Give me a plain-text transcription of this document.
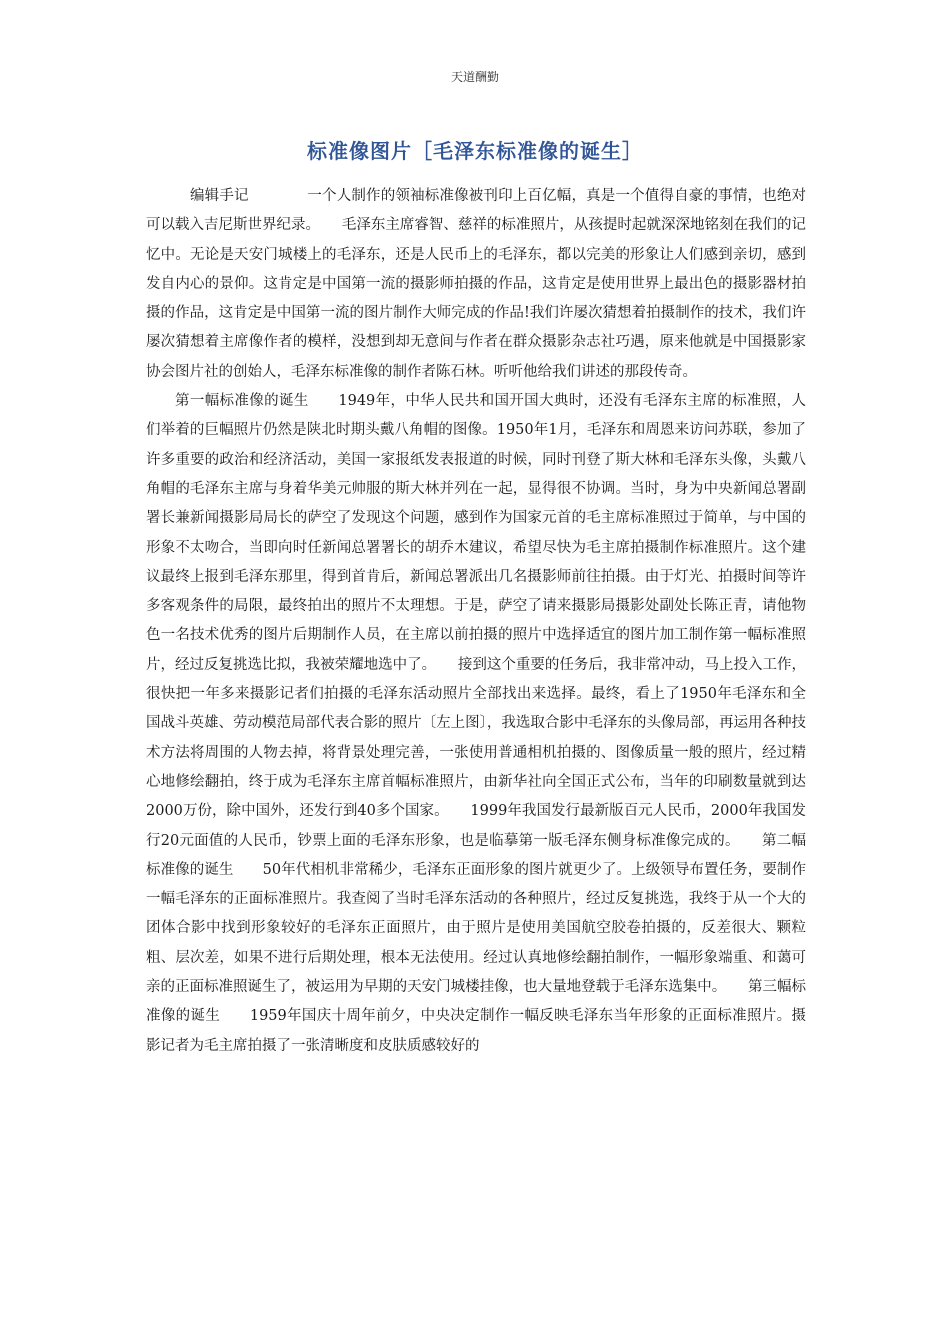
天道酬勤
标准像图片［毛泽东标准像的诞生］

　　　编辑手记　　　　一个人制作的领袖标准像被刊印上百亿幅，真是一个值得自豪的事情，也绝对可以载入吉尼斯世界纪录。　　毛泽东主席睿智、慈祥的标准照片，从孩提时起就深深地铭刻在我们的记忆中。无论是天安门城楼上的毛泽东，还是人民币上的毛泽东，都以完美的形象让人们感到亲切，感到发自内心的景仰。这肯定是中国第一流的摄影师拍摄的作品，这肯定是使用世界上最出色的摄影器材拍摄的作品，这肯定是中国第一流的图片制作大师完成的作品!我们许屡次猜想着拍摄制作的技术，我们许屡次猜想着主席像作者的模样，没想到却无意间与作者在群众摄影杂志社巧遇，原来他就是中国摄影家协会图片社的创始人，毛泽东标准像的制作者陈石林。听听他给我们讲述的那段传奇。

第一幅标准像的诞生　　1949年，中华人民共和国开国大典时，还没有毛泽东主席的标准照，人们举着的巨幅照片仍然是陕北时期头戴八角帽的图像。1950年1月，毛泽东和周恩来访问苏联，参加了许多重要的政治和经济活动，美国一家报纸发表报道的时候，同时刊登了斯大林和毛泽东头像，头戴八角帽的毛泽东主席与身着华美元帅服的斯大林并列在一起，显得很不协调。当时，身为中央新闻总署副署长兼新闻摄影局局长的萨空了发现这个问题，感到作为国家元首的毛主席标准照过于简单，与中国的形象不太吻合，当即向时任新闻总署署长的胡乔木建议，希望尽快为毛主席拍摄制作标准照片。这个建议最终上报到毛泽东那里，得到首肯后，新闻总署派出几名摄影师前往拍摄。由于灯光、拍摄时间等许多客观条件的局限，最终拍出的照片不太理想。于是，萨空了请来摄影局摄影处副处长陈正青，请他物色一名技术优秀的图片后期制作人员，在主席以前拍摄的照片中选择适宜的图片加工制作第一幅标准照片，经过反复挑选比拟，我被荣耀地选中了。　　接到这个重要的任务后，我非常冲动，马上投入工作，很快把一年多来摄影记者们拍摄的毛泽东活动照片全部找出来选择。最终，看上了1950年毛泽东和全国战斗英雄、劳动模范局部代表合影的照片〔左上图〕，我选取合影中毛泽东的头像局部，再运用各种技术方法将周围的人物去掉，将背景处理完善，一张使用普通相机拍摄的、图像质量一般的照片，经过精心地修绘翻拍，终于成为毛泽东主席首幅标准照片，由新华社向全国正式公布，当年的印刷数量就到达2000万份，除中国外，还发行到40多个国家。　　1999年我国发行最新版百元人民币，2000年我国发行20元面值的人民币，钞票上面的毛泽东形象，也是临摹第一版毛泽东侧身标准像完成的。　　第二幅标准像的诞生　　50年代相机非常稀少，毛泽东正面形象的图片就更少了。上级领导布置任务，要制作一幅毛泽东的正面标准照片。我查阅了当时毛泽东活动的各种照片，经过反复挑选，我终于从一个大的团体合影中找到形象较好的毛泽东正面照片，由于照片是使用美国航空胶卷拍摄的，反差很大、颗粒粗、层次差，如果不进行后期处理，根本无法使用。经过认真地修绘翻拍制作，一幅形象端重、和蔼可亲的正面标准照诞生了，被运用为早期的天安门城楼挂像，也大量地登载于毛泽东选集中。　　第三幅标准像的诞生　　1959年国庆十周年前夕，中央决定制作一幅反映毛泽东当年形象的正面标准照片。摄影记者为毛主席拍摄了一张清晰度和皮肤质感较好的
